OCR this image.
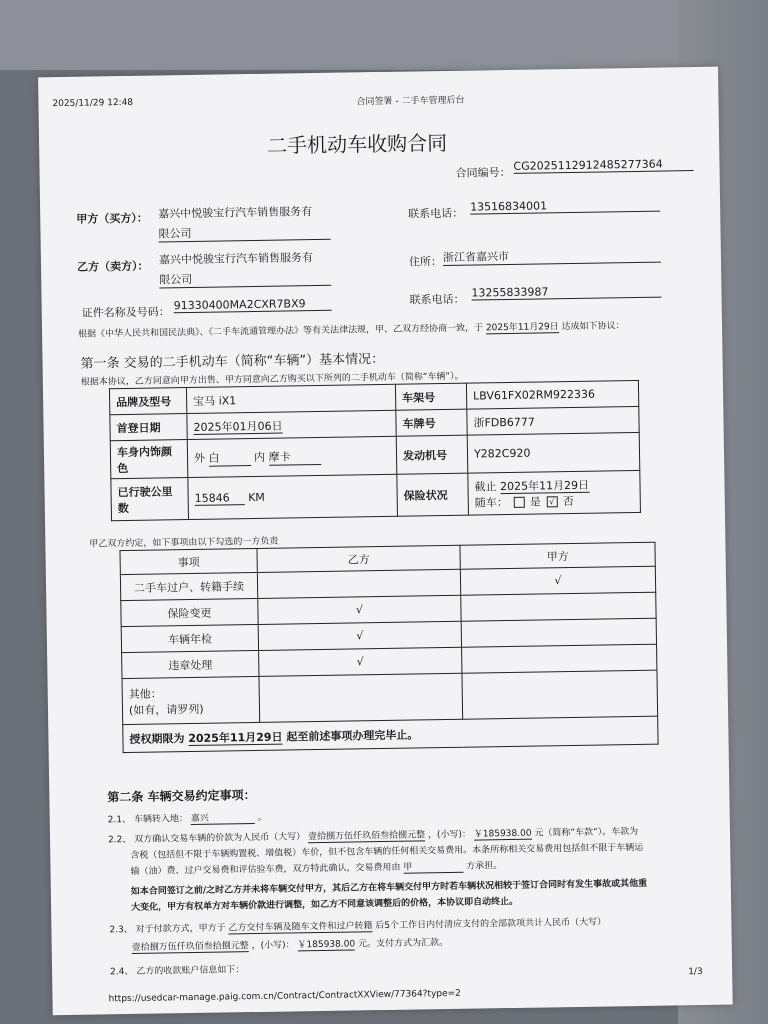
2025/11/29 12:48	合同签署 - 二手车管理后台
二手机动车收购合同
合同编号： CG2025112912485277364
甲方（买方）： 嘉兴中悦骏宝行汽车销售服务有
限公司
联系电话：
13516834001
乙方（卖方）：
嘉兴中悦骏宝行汽车销售服务有
限公司
住所： 浙江省嘉兴市
证件名称及号码：
91330400MA2CXR7BX9	联系电话：
13255833987
根据《中华人民共和国民法典》、《二手车流通管理办法》等有关法律法规，甲、乙双方经协商一致，于 2025年11月29日 达成如下协议：
第一条 交易的二手机动车（简称“车辆”）基本情况：
根据本协议，乙方同意向甲方出售、甲方同意向乙方购买以下所列的二手机动车（简称“车辆”）。
品牌及型号	宝马 iX1	车架号	LBV61FX02RM922336
首登日期	2025年01月06日	车牌号	浙FDB6777
车身内饰颜色	外 白 内 摩卡	发动机号	Y282C920
已行驶公里数	15846 KM	保险状况	截止 2025年11月29日
随车： 是 √ 否
甲乙双方约定，如下事项由以下勾选的一方负责
事项	乙方	甲方
二手车过户、转籍手续		√
保险变更	√	
车辆年检	√	
违章处理	√	

其他：
(如有，请罗列)		

授权期限为 2025年11月29日 起至前述事项办理完毕止。		
第二条 车辆交易约定事项：
2.1、 车辆转入地： 嘉兴	。
2.2、 双方确认交易车辆的价款为人民币（大写） 壹拾捌万伍仟玖佰叁拾捌元整 ，(小写)： ￥185938.00 元（简称“车款”）。车款为
含税（包括但不限于车辆购置税、增值税）车价，但不包含车辆的任何相关交易费用。本条所称相关交易费用包括但不限于车辆运
输（油）费、过户交易费和评估验车费，双方特此确认，交易费用由 甲	方承担。
如本合同签订之前/之时乙方并未将车辆交付甲方，其后乙方在将车辆交付甲方时若车辆状况相较于签订合同时有发生事故或其他重
大变化，甲方有权单方对车辆价款进行调整，如乙方不同意该调整后的价格，本协议即自动终止。
2.3、 对于付款方式，甲方于 乙方交付车辆及随车文件和过户转籍 后5个工作日内付清应支付的全部款项共计人民币（大写）
壹拾捌万伍仟玖佰叁拾捌元整 ，(小写)： ￥185938.00 元。支付方式为汇款。
2.4、 乙方的收款账户信息如下：	1/3
https://usedcar-manage.paig.com.cn/Contract/ContractXXView/77364?type=2
